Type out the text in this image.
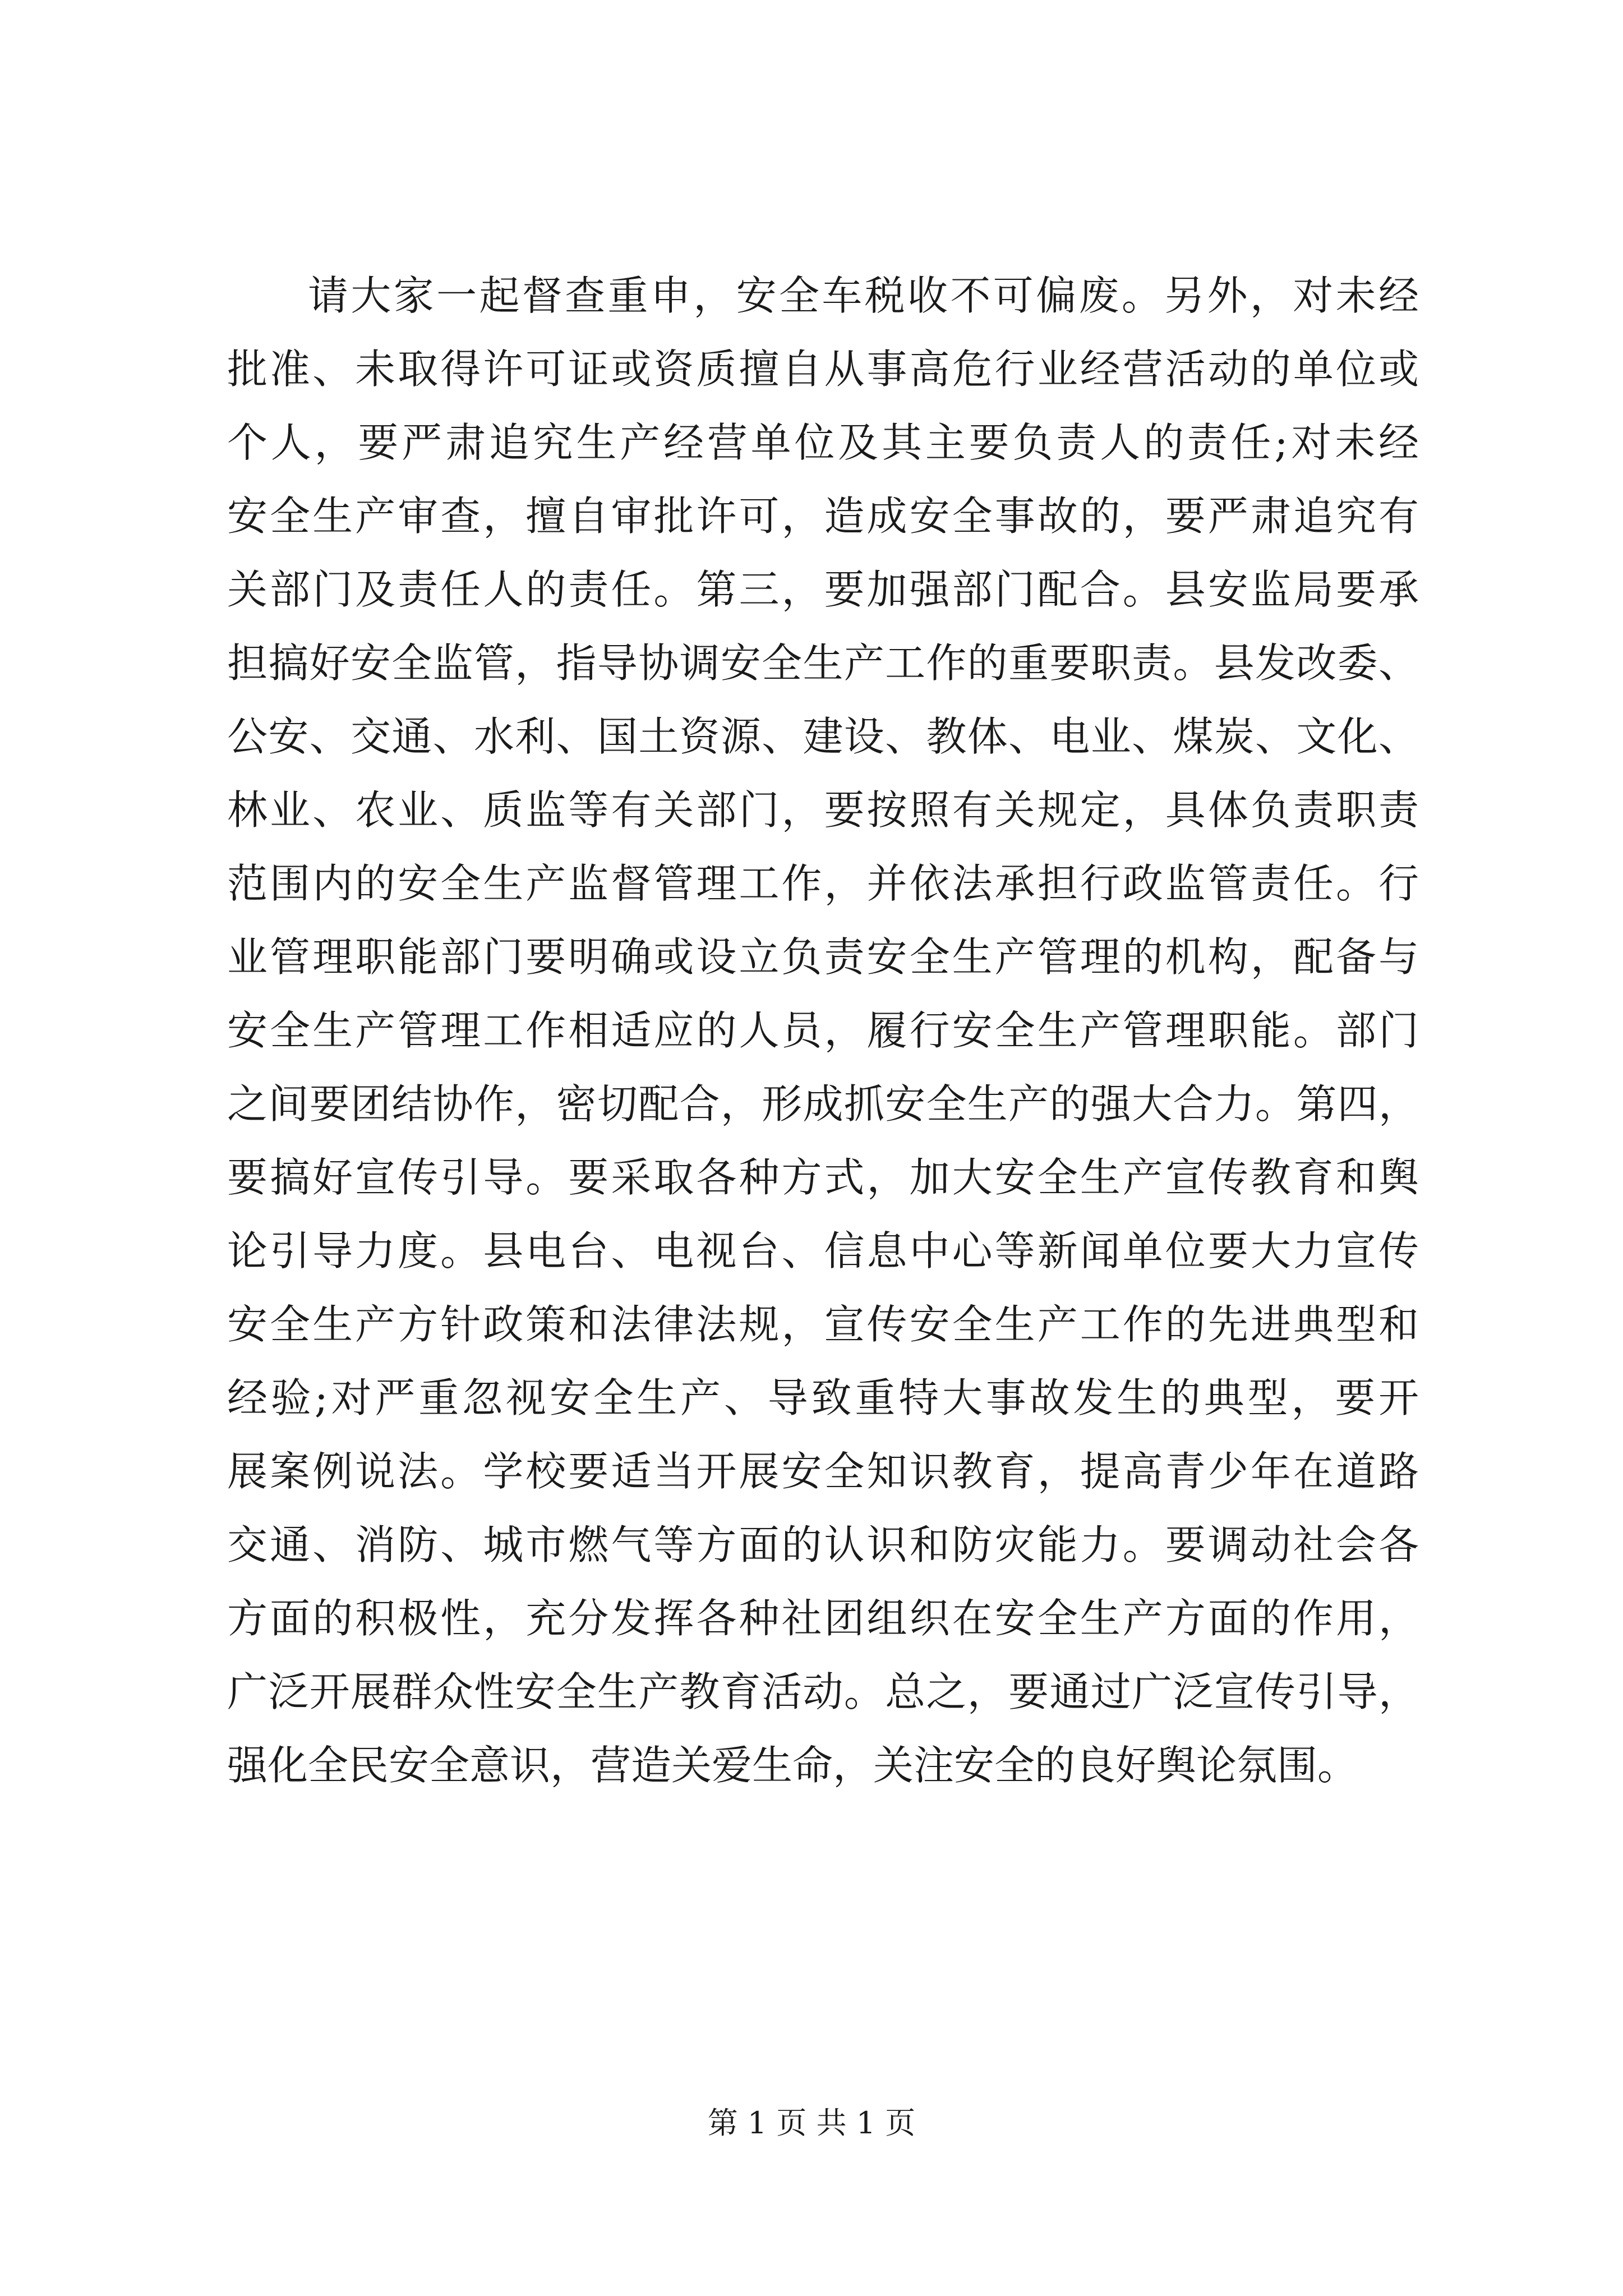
请大家一起督查重申，安全车税收不可偏废。另外，对未经
批准、未取得许可证或资质擅自从事高危行业经营活动的单位或
个人，要严肃追究生产经营单位及其主要负责人的责任;对未经
安全生产审查，擅自审批许可，造成安全事故的，要严肃追究有
关部门及责任人的责任。第三，要加强部门配合。县安监局要承
担搞好安全监管，指导协调安全生产工作的重要职责。县发改委、
公安、交通、水利、国土资源、建设、教体、电业、煤炭、文化、
林业、农业、质监等有关部门，要按照有关规定，具体负责职责
范围内的安全生产监督管理工作，并依法承担行政监管责任。行
业管理职能部门要明确或设立负责安全生产管理的机构，配备与
安全生产管理工作相适应的人员，履行安全生产管理职能。部门
之间要团结协作，密切配合，形成抓安全生产的强大合力。第四，
要搞好宣传引导。要采取各种方式，加大安全生产宣传教育和舆
论引导力度。县电台、电视台、信息中心等新闻单位要大力宣传
安全生产方针政策和法律法规，宣传安全生产工作的先进典型和
经验;对严重忽视安全生产、导致重特大事故发生的典型，要开
展案例说法。学校要适当开展安全知识教育，提高青少年在道路
交通、消防、城市燃气等方面的认识和防灾能力。要调动社会各
方面的积极性，充分发挥各种社团组织在安全生产方面的作用，
广泛开展群众性安全生产教育活动。总之，要通过广泛宣传引导，
强化全民安全意识，营造关爱生命，关注安全的良好舆论氛围。
第 1 页 共 1 页
